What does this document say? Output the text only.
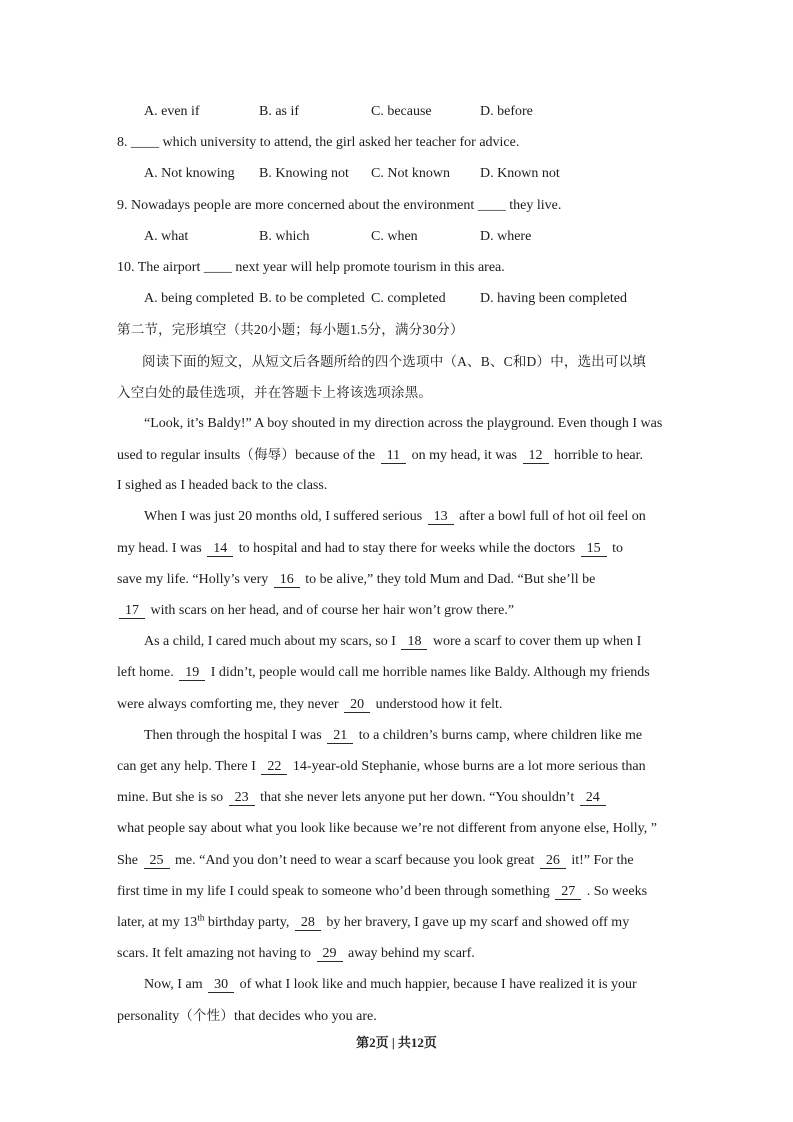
A. even if	B. as if	C. because	D. before
8. ____ which university to attend, the girl asked her teacher for advice.
A. Not knowing B. Knowing not C. Not known D. Known not
9. Nowadays people are more concerned about the environment ____ they live.
A. what	B. which	C. when	D. where
10. The airport ____ next year will help promote tourism in this area.
A. being completed B. to be completed C. completed D. having been completed
第二节，完形填空（共20小题；每小题1.5分，满分30分）
阅读下面的短文，从短文后各题所给的四个选项中（A、B、C和D）中，选出可以填
入空白处的最佳选项，并在答题卡上将该选项涂黑。
“Look, it’s Baldy!” A boy shouted in my direction across the playground. Even though I was
used to regular insults（侮辱）because of the 11 on my head, it was 12 horrible to hear.
I sighed as I headed back to the class.
When I was just 20 months old, I suffered serious 13 after a bowl full of hot oil feel on
my head. I was 14 to hospital and had to stay there for weeks while the doctors 15 to
save my life. “Holly’s very 16 to be alive,” they told Mum and Dad. “But she’ll be
17 with scars on her head, and of course her hair won’t grow there.”
As a child, I cared much about my scars, so I 18 wore a scarf to cover them up when I
left home. 19 I didn’t, people would call me horrible names like Baldy. Although my friends
were always comforting me, they never 20 understood how it felt.
Then through the hospital I was 21 to a children’s burns camp, where children like me
can get any help. There I 22 14-year-old Stephanie, whose burns are a lot more serious than
mine. But she is so 23 that she never lets anyone put her down. “You shouldn’t 24
what people say about what you look like because we’re not different from anyone else, Holly, ”
She 25 me. “And you don’t need to wear a scarf because you look great 26 it!” For the
first time in my life I could speak to someone who’d been through something 27 . So weeks
later, at my 13th birthday party, 28 by her bravery, I gave up my scarf and showed off my
scars. It felt amazing not having to 29 away behind my scarf.
Now, I am 30 of what I look like and much happier, because I have realized it is your
personality（个性）that decides who you are.
第2页 | 共12页
